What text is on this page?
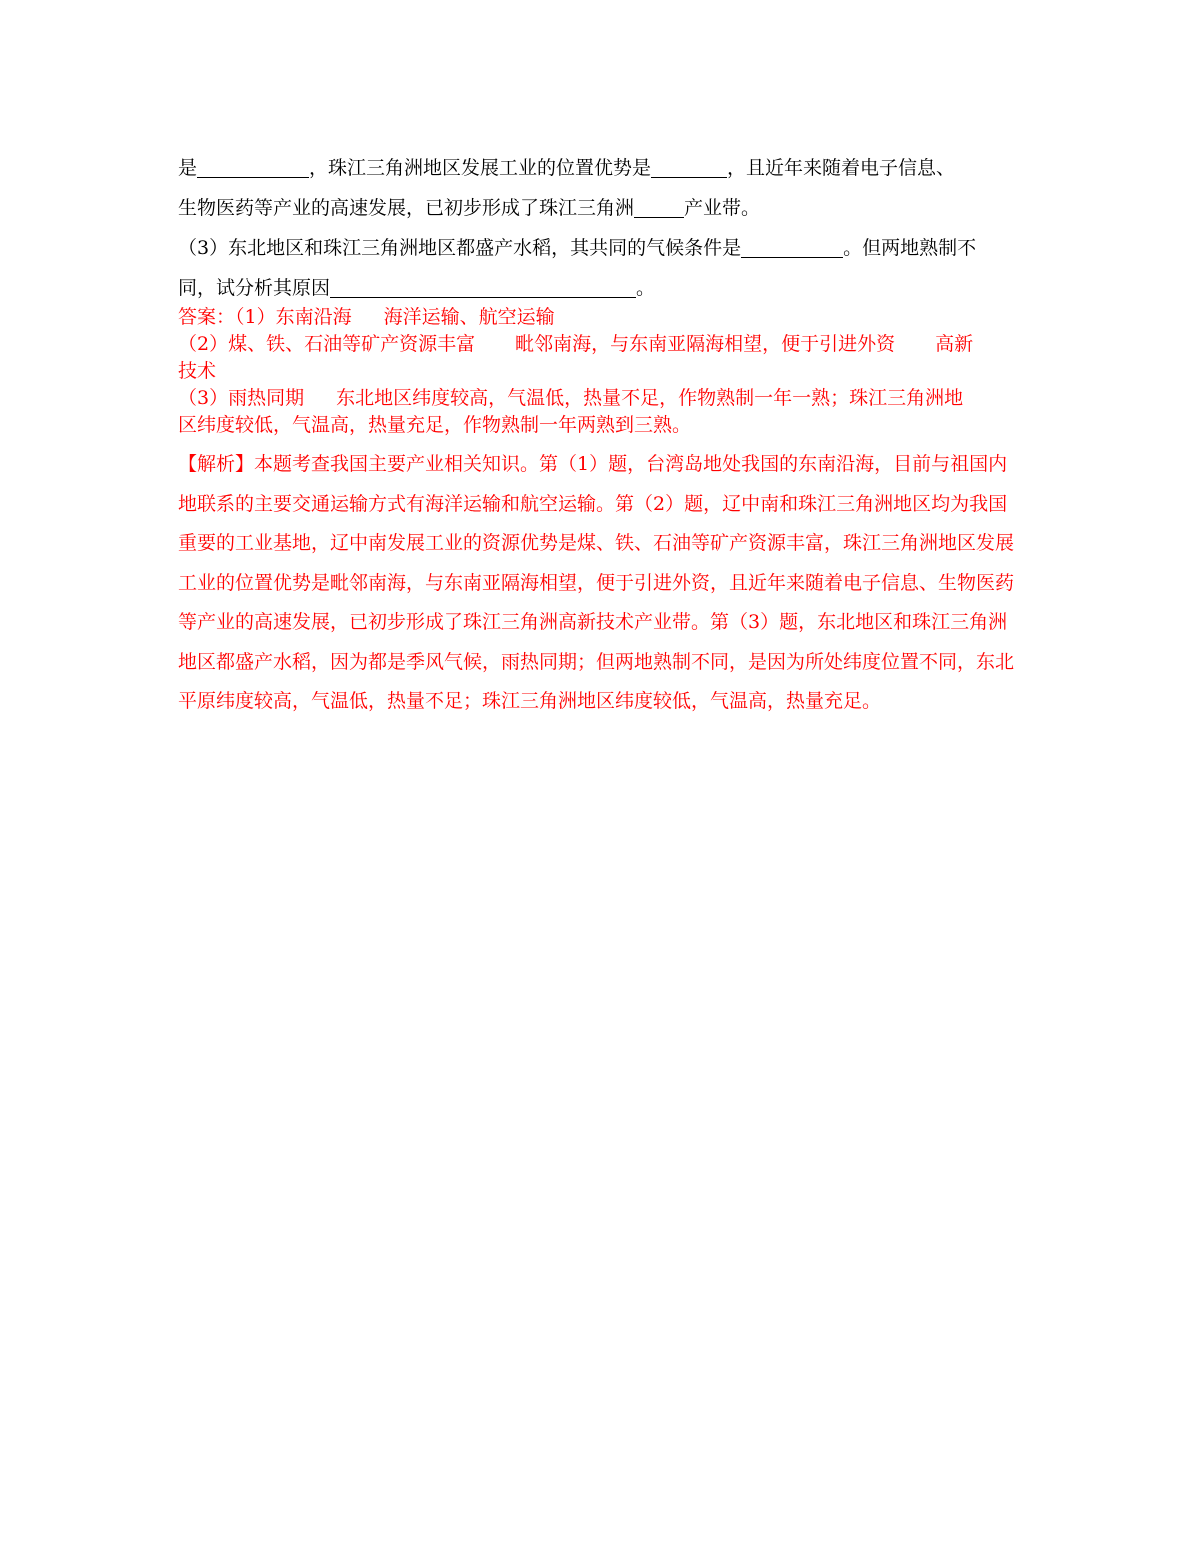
是	，珠江三角洲地区发展工业的位置优势是	，且近年来随着电子信息、
生物医药等产业的高速发展，已初步形成了珠江三角洲	产业带。
（3）东北地区和珠江三角洲地区都盛产水稻，其共同的气候条件是	。但两地熟制不
同，试分析其原因	。
答案：（1）东南沿海 海洋运输、航空运输
（2）煤、铁、石油等矿产资源丰富 毗邻南海，与东南亚隔海相望，便于引进外资 高新
技术
（3）雨热同期 东北地区纬度较高，气温低，热量不足，作物熟制一年一熟；珠江三角洲地
区纬度较低，气温高，热量充足，作物熟制一年两熟到三熟。
【解析】本题考查我国主要产业相关知识。第（1）题，台湾岛地处我国的东南沿海，目前与祖国内地联系的主要交通运输方式有海洋运输和航空运输。第（2）题，辽中南和珠江三角洲地区均为我国重要的工业基地，辽中南发展工业的资源优势是煤、铁、石油等矿产资源丰富，珠江三角洲地区发展工业的位置优势是毗邻南海，与东南亚隔海相望，便于引进外资，且近年来随着电子信息、生物医药等产业的高速发展，已初步形成了珠江三角洲高新技术产业带。第（3）题，东北地区和珠江三角洲地区都盛产水稻，因为都是季风气候，雨热同期；但两地熟制不同，是因为所处纬度位置不同，东北平原纬度较高，气温低，热量不足；珠江三角洲地区纬度较低，气温高，热量充足。
